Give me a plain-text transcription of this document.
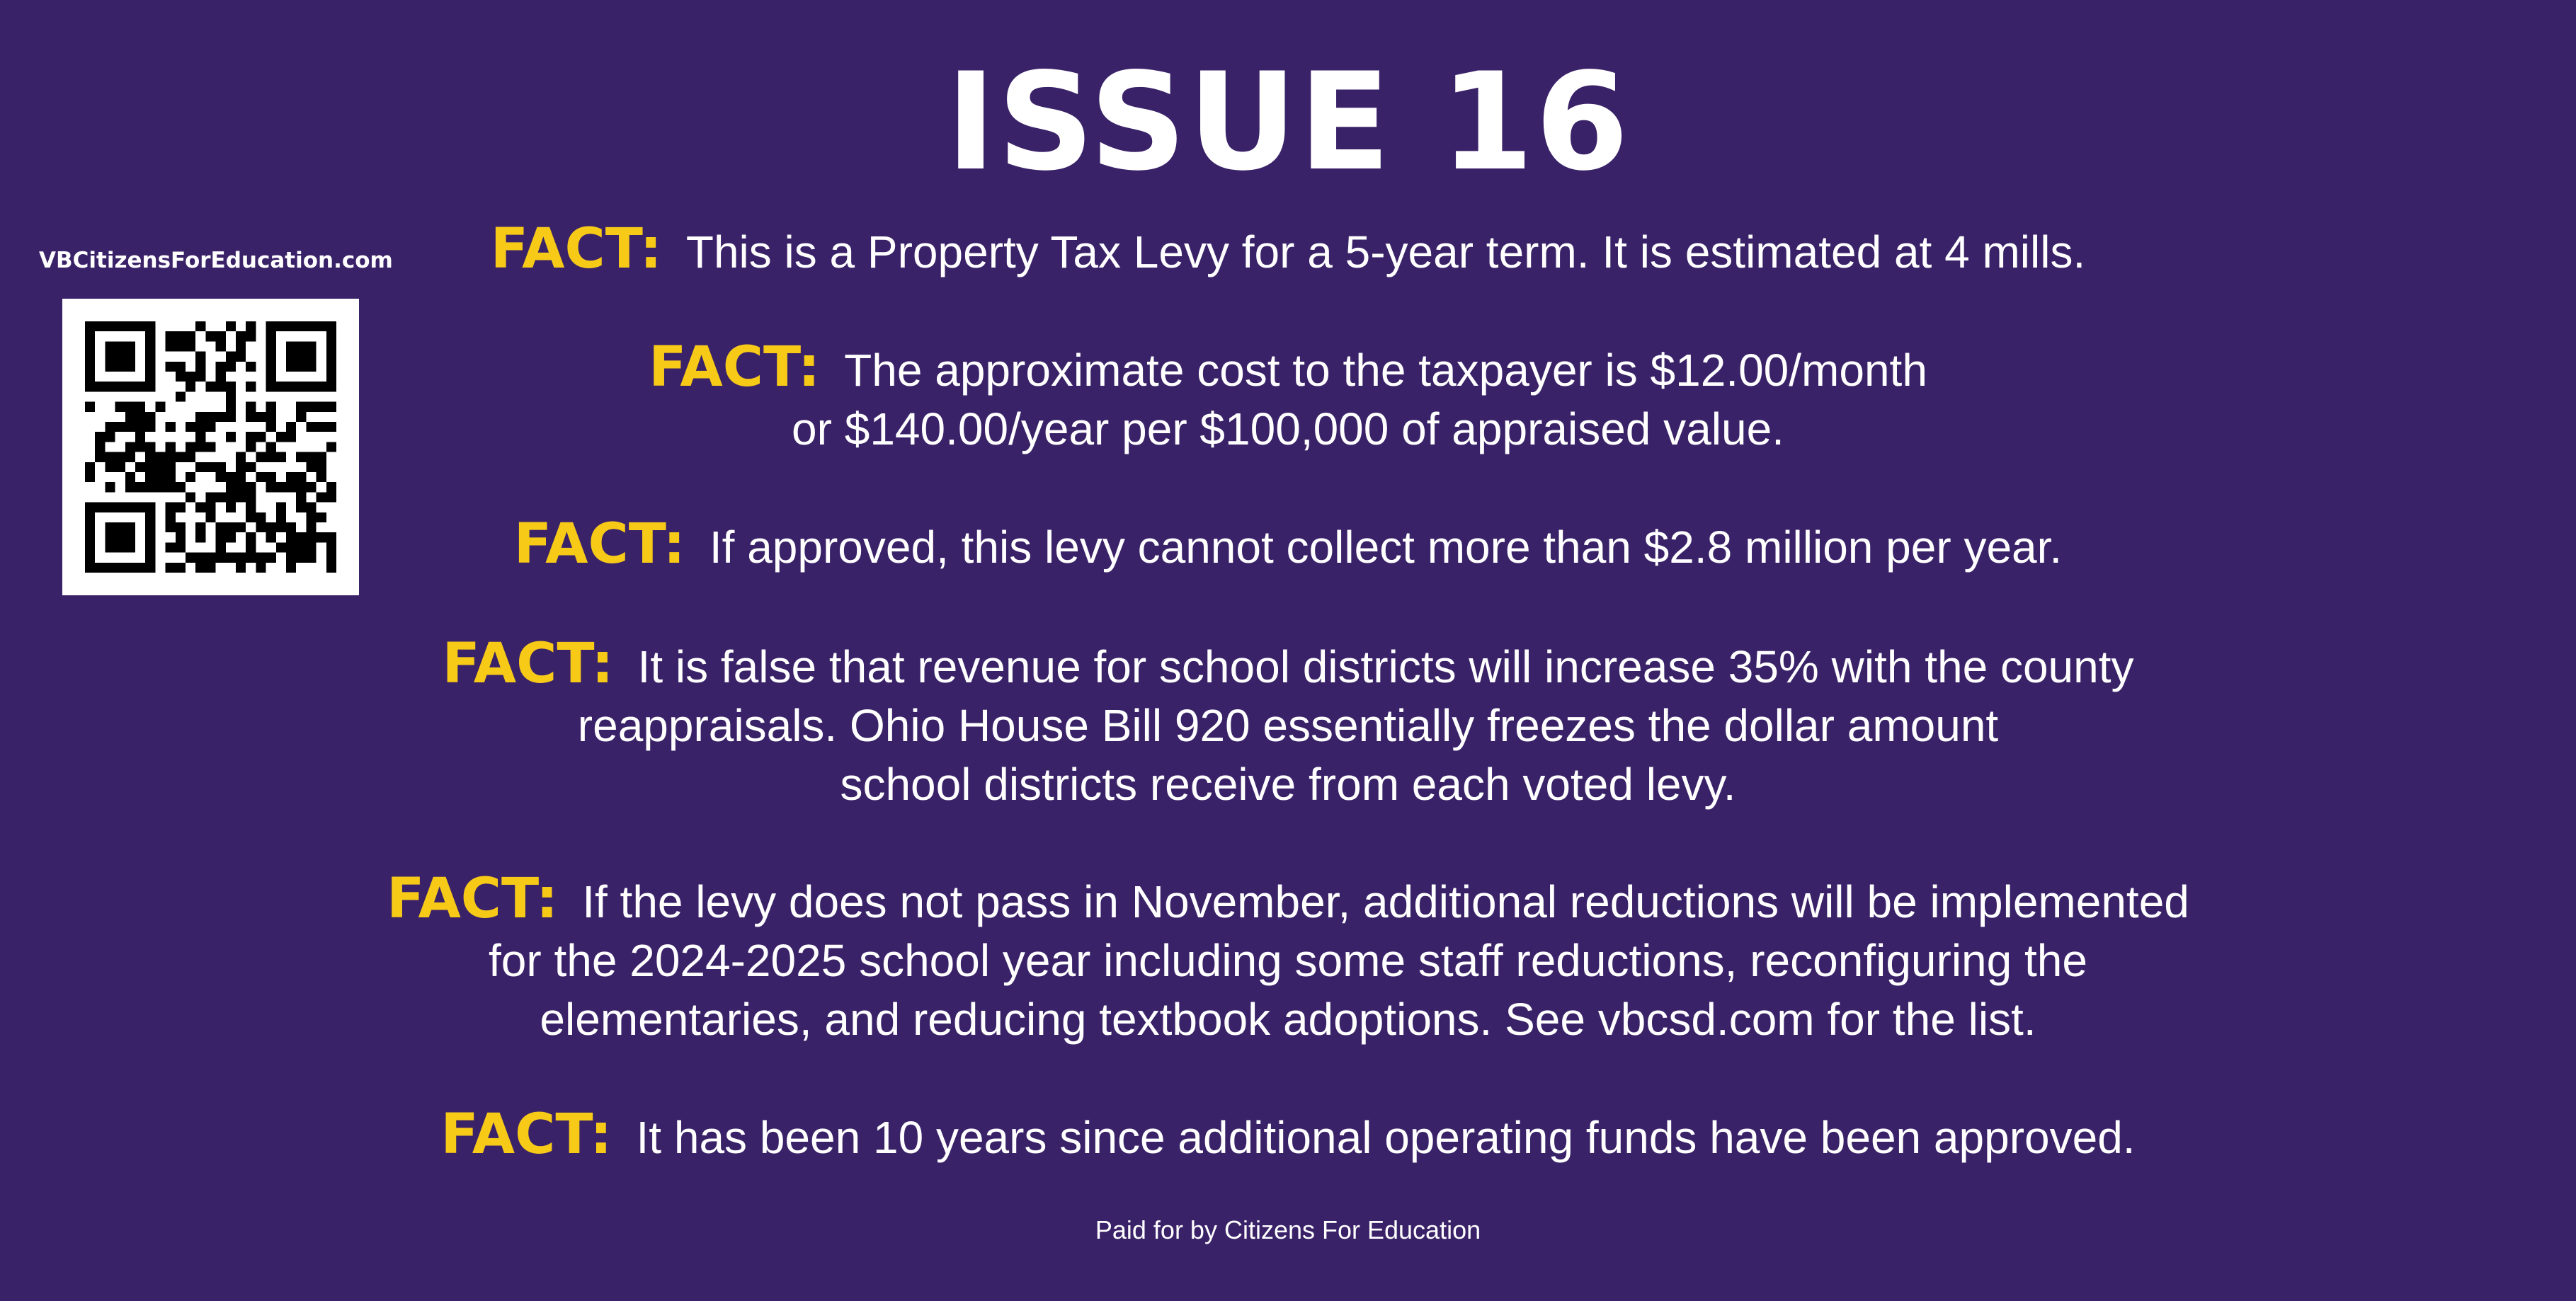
ISSUE 16
VBCitizensForEducation.com	FACT: This is a Property Tax Levy for a 5-year term. It is estimated at 4 mills.
FACT: The approximate cost to the taxpayer is $12.00/month
or $140.00/year per $100,000 of appraised value.
FACT: If approved, this levy cannot collect more than $2.8 million per year.
FACT: It is false that revenue for school districts will increase 35% with the county
reappraisals. Ohio House Bill 920 essentially freezes the dollar amount
school districts receive from each voted levy.
FACT: If the levy does not pass in November, additional reductions will be implemented
for the 2024-2025 school year including some staff reductions, reconfiguring the
elementaries, and reducing textbook adoptions. See vbcsd.com for the list.
FACT: It has been 10 years since additional operating funds have been approved.
Paid for by Citizens For Education
